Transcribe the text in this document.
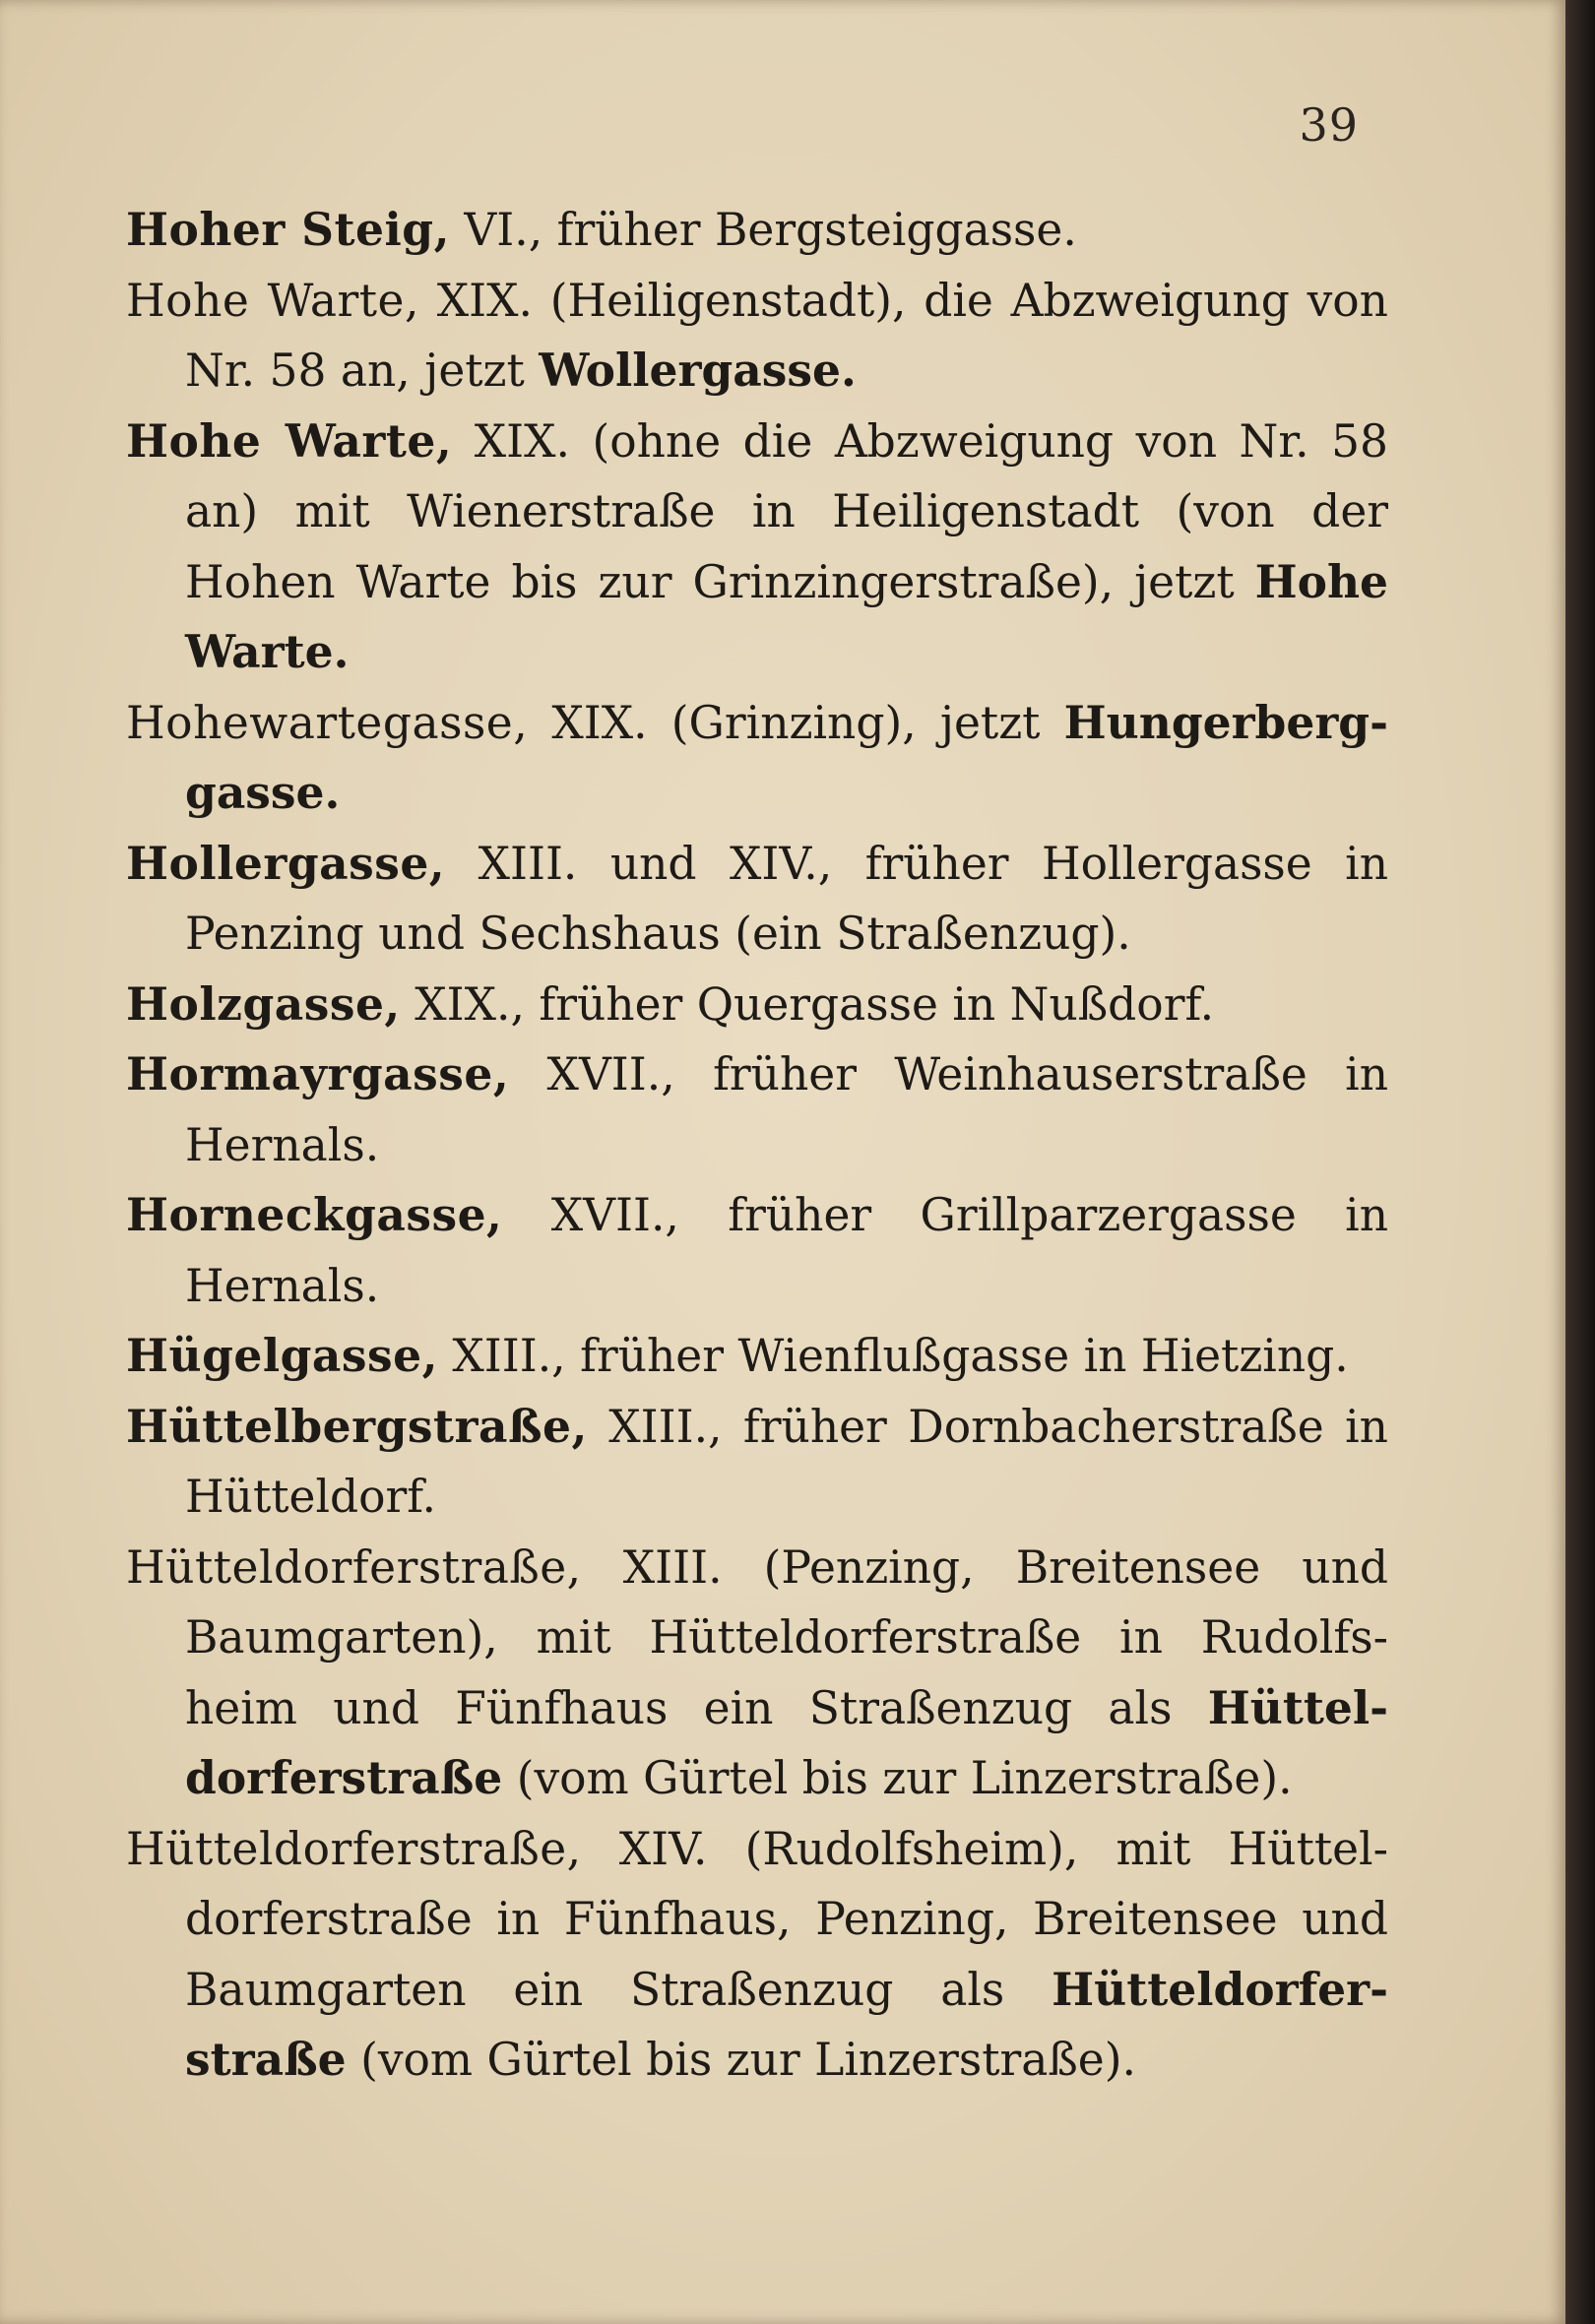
39

Hoher Steig, VI., früher Bergsteiggasse.

Hohe Warte, XIX. (Heiligenstadt), die Abzweigung von Nr. 58 an, jetzt Wollergasse.

Hohe Warte, XIX. (ohne die Abzweigung von Nr. 58 an) mit Wienerstraße in Heiligenstadt (von der Hohen Warte bis zur Grinzingerstraße), jetzt Hohe Warte.

Hohewartegasse, XIX. (Grinzing), jetzt Hungerberggasse.

Hollergasse, XIII. und XIV., früher Hollergasse in Penzing und Sechshaus (ein Straßenzug).

Holzgasse, XIX., früher Quergasse in Nußdorf.

Hormayrgasse, XVII., früher Weinhauserstraße in Hernals.

Horneckgasse, XVII., früher Grillparzergasse in Hernals.

Hügelgasse, XIII., früher Wienflußgasse in Hietzing.

Hüttelbergstraße, XIII., früher Dornbacherstraße in Hütteldorf.

Hütteldorferstraße, XIII. (Penzing, Breitensee und Baumgarten), mit Hütteldorferstraße in Rudolfsheim und Fünfhaus ein Straßenzug als Hütteldorferstraße (vom Gürtel bis zur Linzerstraße).

Hütteldorferstraße, XIV. (Rudolfsheim), mit Hütteldorferstraße in Fünfhaus, Penzing, Breitensee und Baumgarten ein Straßenzug als Hütteldorferstraße (vom Gürtel bis zur Linzerstraße).
